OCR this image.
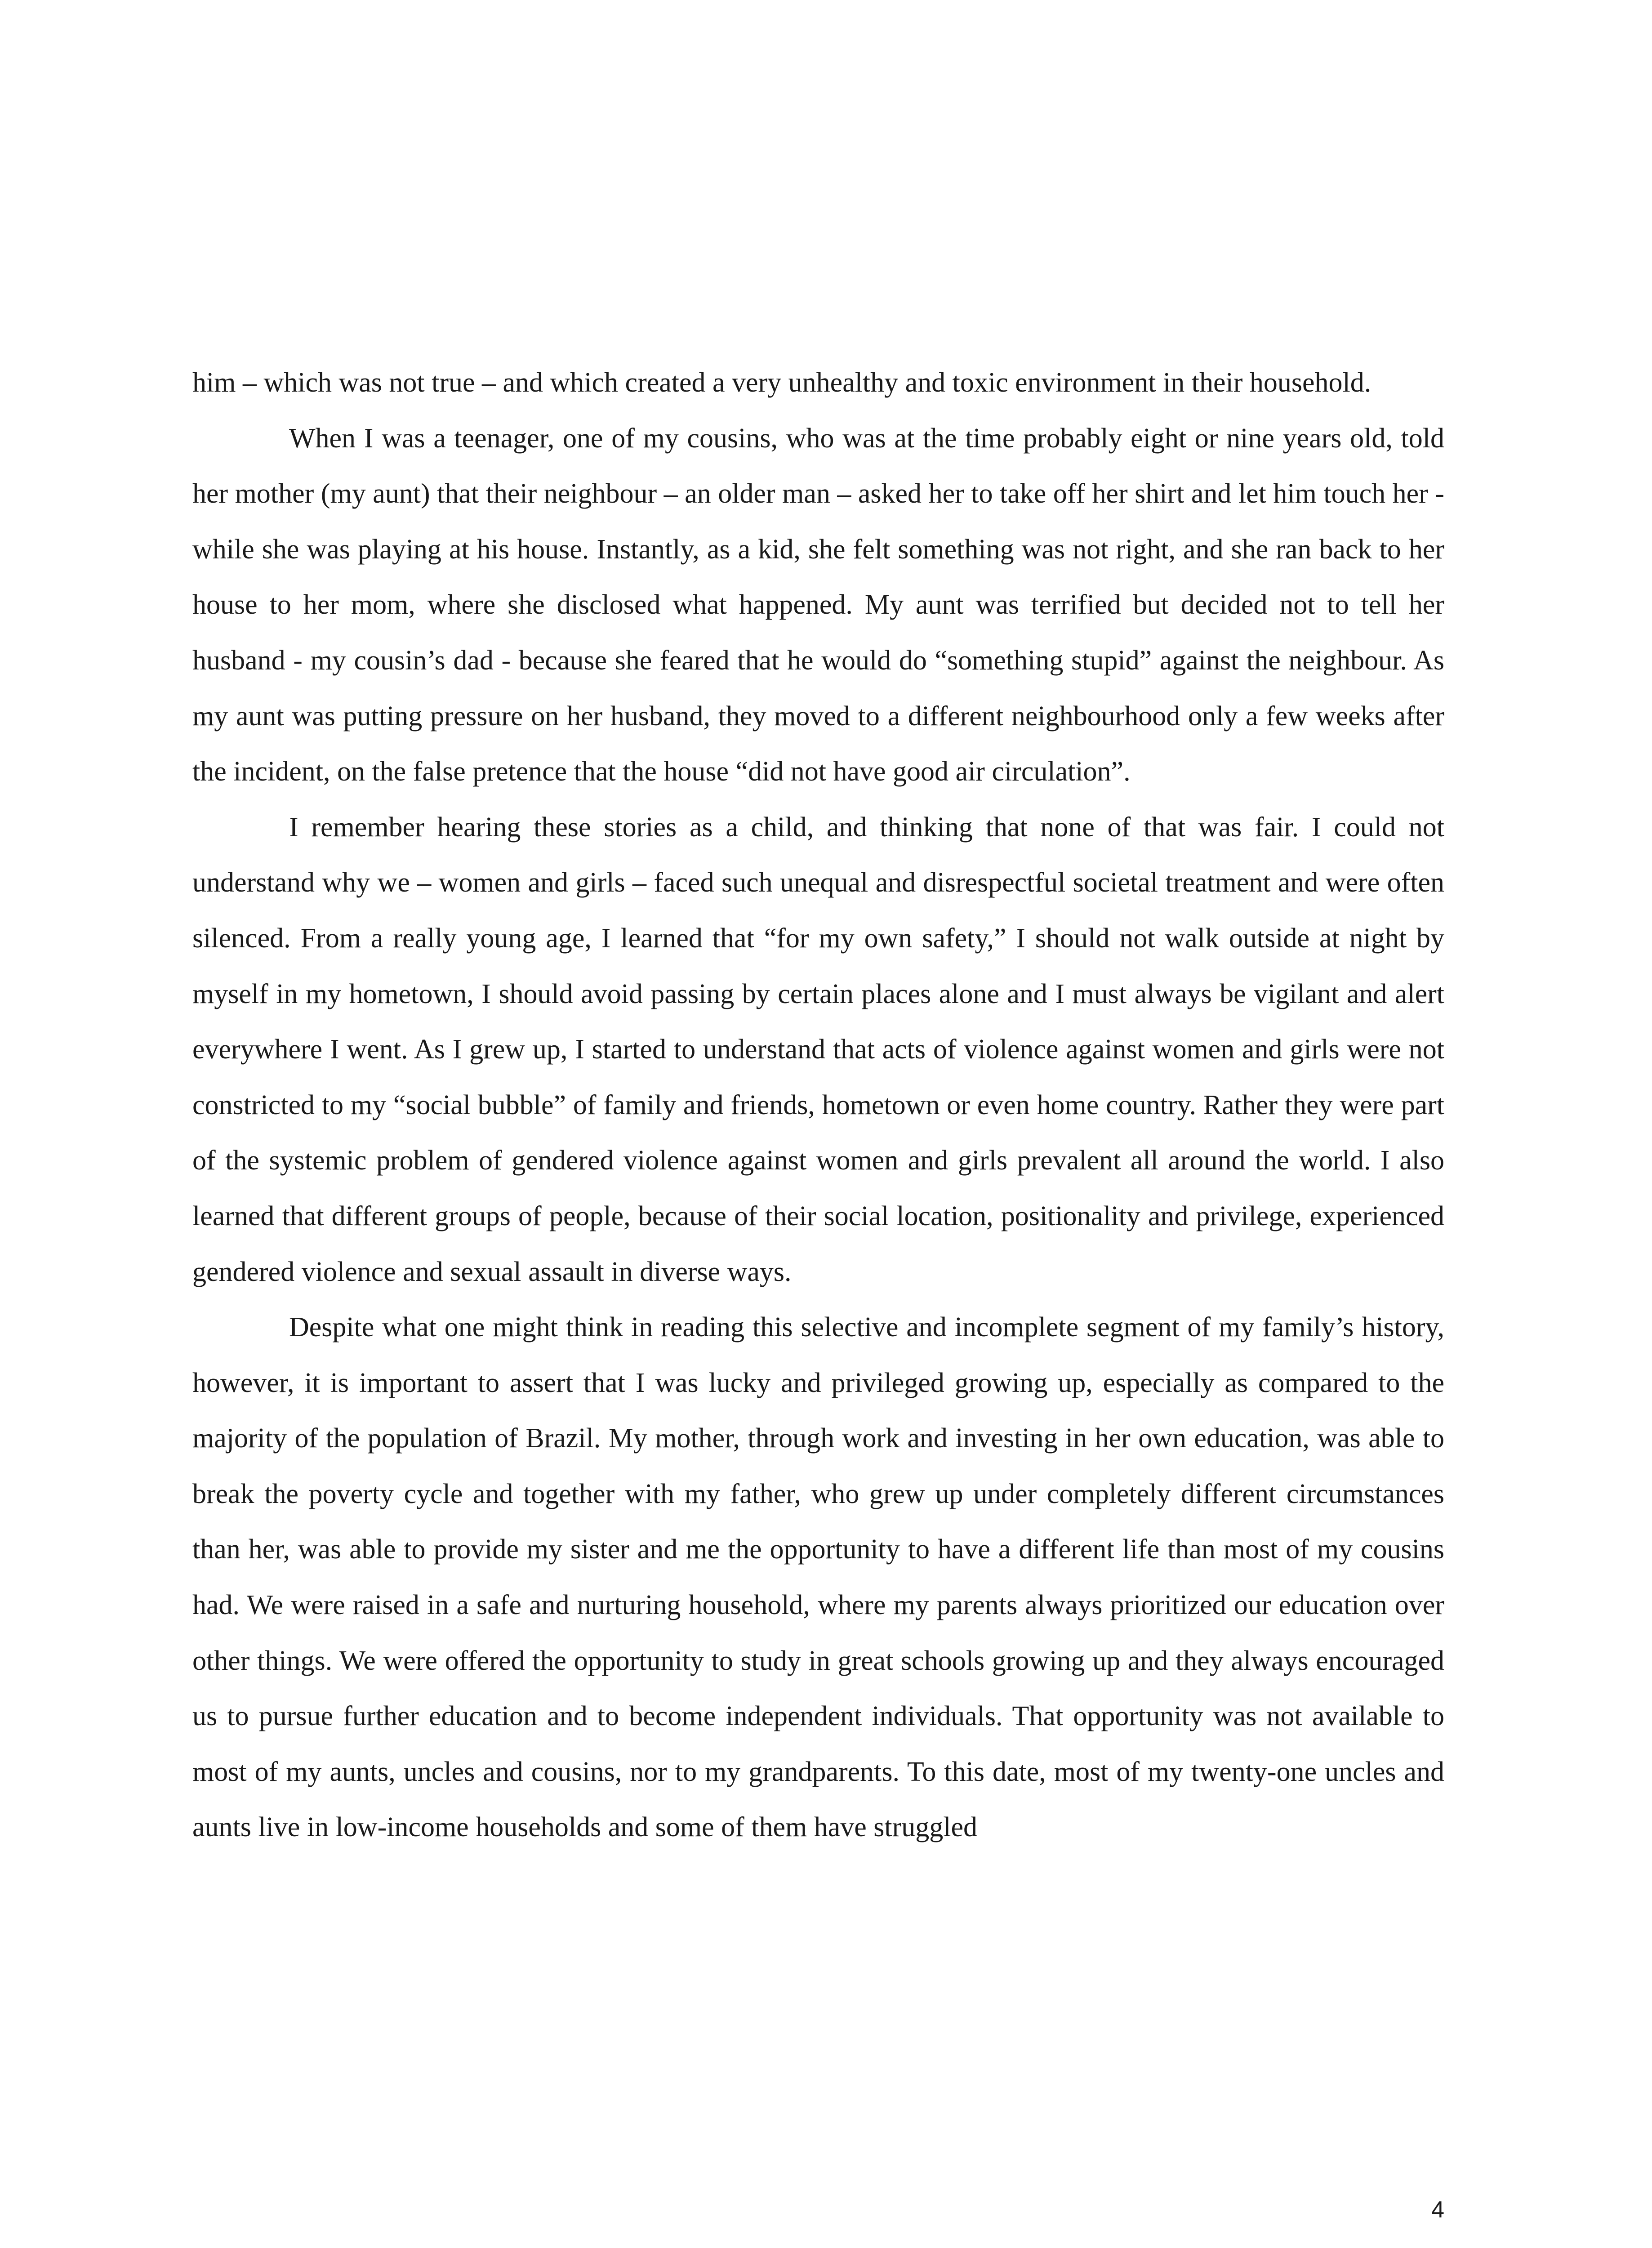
him – which was not true – and which created a very unhealthy and toxic environment in their household.

When I was a teenager, one of my cousins, who was at the time probably eight or nine years old, told her mother (my aunt) that their neighbour – an older man – asked her to take off her shirt and let him touch her - while she was playing at his house. Instantly, as a kid, she felt something was not right, and she ran back to her house to her mom, where she disclosed what happened. My aunt was terrified but decided not to tell her husband - my cousin’s dad - because she feared that he would do “something stupid” against the neighbour. As my aunt was putting pressure on her husband, they moved to a different neighbourhood only a few weeks after the incident, on the false pretence that the house “did not have good air circulation”.

I remember hearing these stories as a child, and thinking that none of that was fair. I could not understand why we – women and girls – faced such unequal and disrespectful societal treatment and were often silenced. From a really young age, I learned that “for my own safety,” I should not walk outside at night by myself in my hometown, I should avoid passing by certain places alone and I must always be vigilant and alert everywhere I went. As I grew up, I started to understand that acts of violence against women and girls were not constricted to my “social bubble” of family and friends, hometown or even home country. Rather they were part of the systemic problem of gendered violence against women and girls prevalent all around the world. I also learned that different groups of people, because of their social location, positionality and privilege, experienced gendered violence and sexual assault in diverse ways.

Despite what one might think in reading this selective and incomplete segment of my family’s history, however, it is important to assert that I was lucky and privileged growing up, especially as compared to the majority of the population of Brazil. My mother, through work and investing in her own education, was able to break the poverty cycle and together with my father, who grew up under completely different circumstances than her, was able to provide my sister and me the opportunity to have a different life than most of my cousins had. We were raised in a safe and nurturing household, where my parents always prioritized our education over other things. We were offered the opportunity to study in great schools growing up and they always encouraged us to pursue further education and to become independent individuals. That opportunity was not available to most of my aunts, uncles and cousins, nor to my grandparents. To this date, most of my twenty-one uncles and aunts live in low-income households and some of them have struggled

4
